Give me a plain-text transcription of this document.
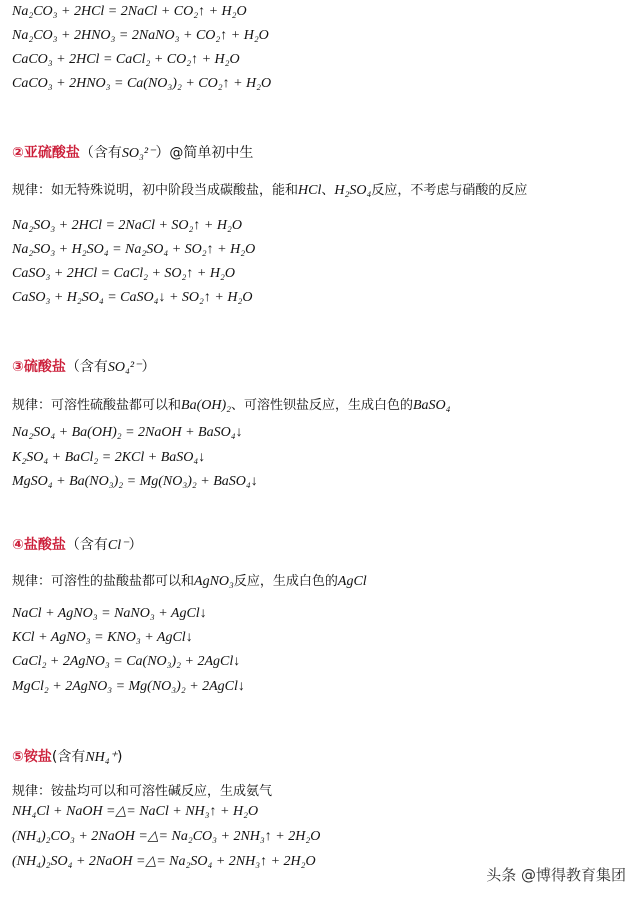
Na₂CO₃ + 2HCl = 2NaCl + CO₂↑ + H₂O
Na₂CO₃ + 2HNO₃ = 2NaNO₃ + CO₂↑ + H₂O
CaCO₃ + 2HCl = CaCl₂ + CO₂↑ + H₂O
CaCO₃ + 2HNO₃ = Ca(NO₃)₂ + CO₂↑ + H₂O
②亚硫酸盐（含有SO₃²⁻）@简单初中生
规律：如无特殊说明，初中阶段当成碳酸盐，能和HCl、H₂SO₄反应，不考虑与硝酸的反应
Na₂SO₃ + 2HCl = 2NaCl + SO₂↑ + H₂O
Na₂SO₃ + H₂SO₄ = Na₂SO₄ + SO₂↑ + H₂O
CaSO₃ + 2HCl = CaCl₂ + SO₂↑ + H₂O
CaSO₃ + H₂SO₄ = CaSO₄↓ + SO₂↑ + H₂O
③硫酸盐（含有SO₄²⁻）
规律：可溶性硫酸盐都可以和Ba(OH)₂、可溶性钡盐反应，生成白色的BaSO₄
Na₂SO₄ + Ba(OH)₂ = 2NaOH + BaSO₄↓
K₂SO₄ + BaCl₂ = 2KCl + BaSO₄↓
MgSO₄ + Ba(NO₃)₂ = Mg(NO₃)₂ + BaSO₄↓
④盐酸盐（含有Cl⁻）
规律：可溶性的盐酸盐都可以和AgNO₃反应，生成白色的AgCl
NaCl + AgNO₃ = NaNO₃ + AgCl↓
KCl + AgNO₃ = KNO₃ + AgCl↓
CaCl₂ + 2AgNO₃ = Ca(NO₃)₂ + 2AgCl↓
MgCl₂ + 2AgNO₃ = Mg(NO₃)₂ + 2AgCl↓
⑤铵盐(含有NH₄⁺)
规律：铵盐均可以和可溶性碱反应，生成氨气
NH₄Cl + NaOH =△= NaCl + NH₃↑ + H₂O
(NH₄)₂CO₃ + 2NaOH =△= Na₂CO₃ + 2NH₃↑ + 2H₂O
(NH₄)₂SO₄ + 2NaOH =△= Na₂SO₄ + 2NH₃↑ + 2H₂O
头条 @博得教育集团
